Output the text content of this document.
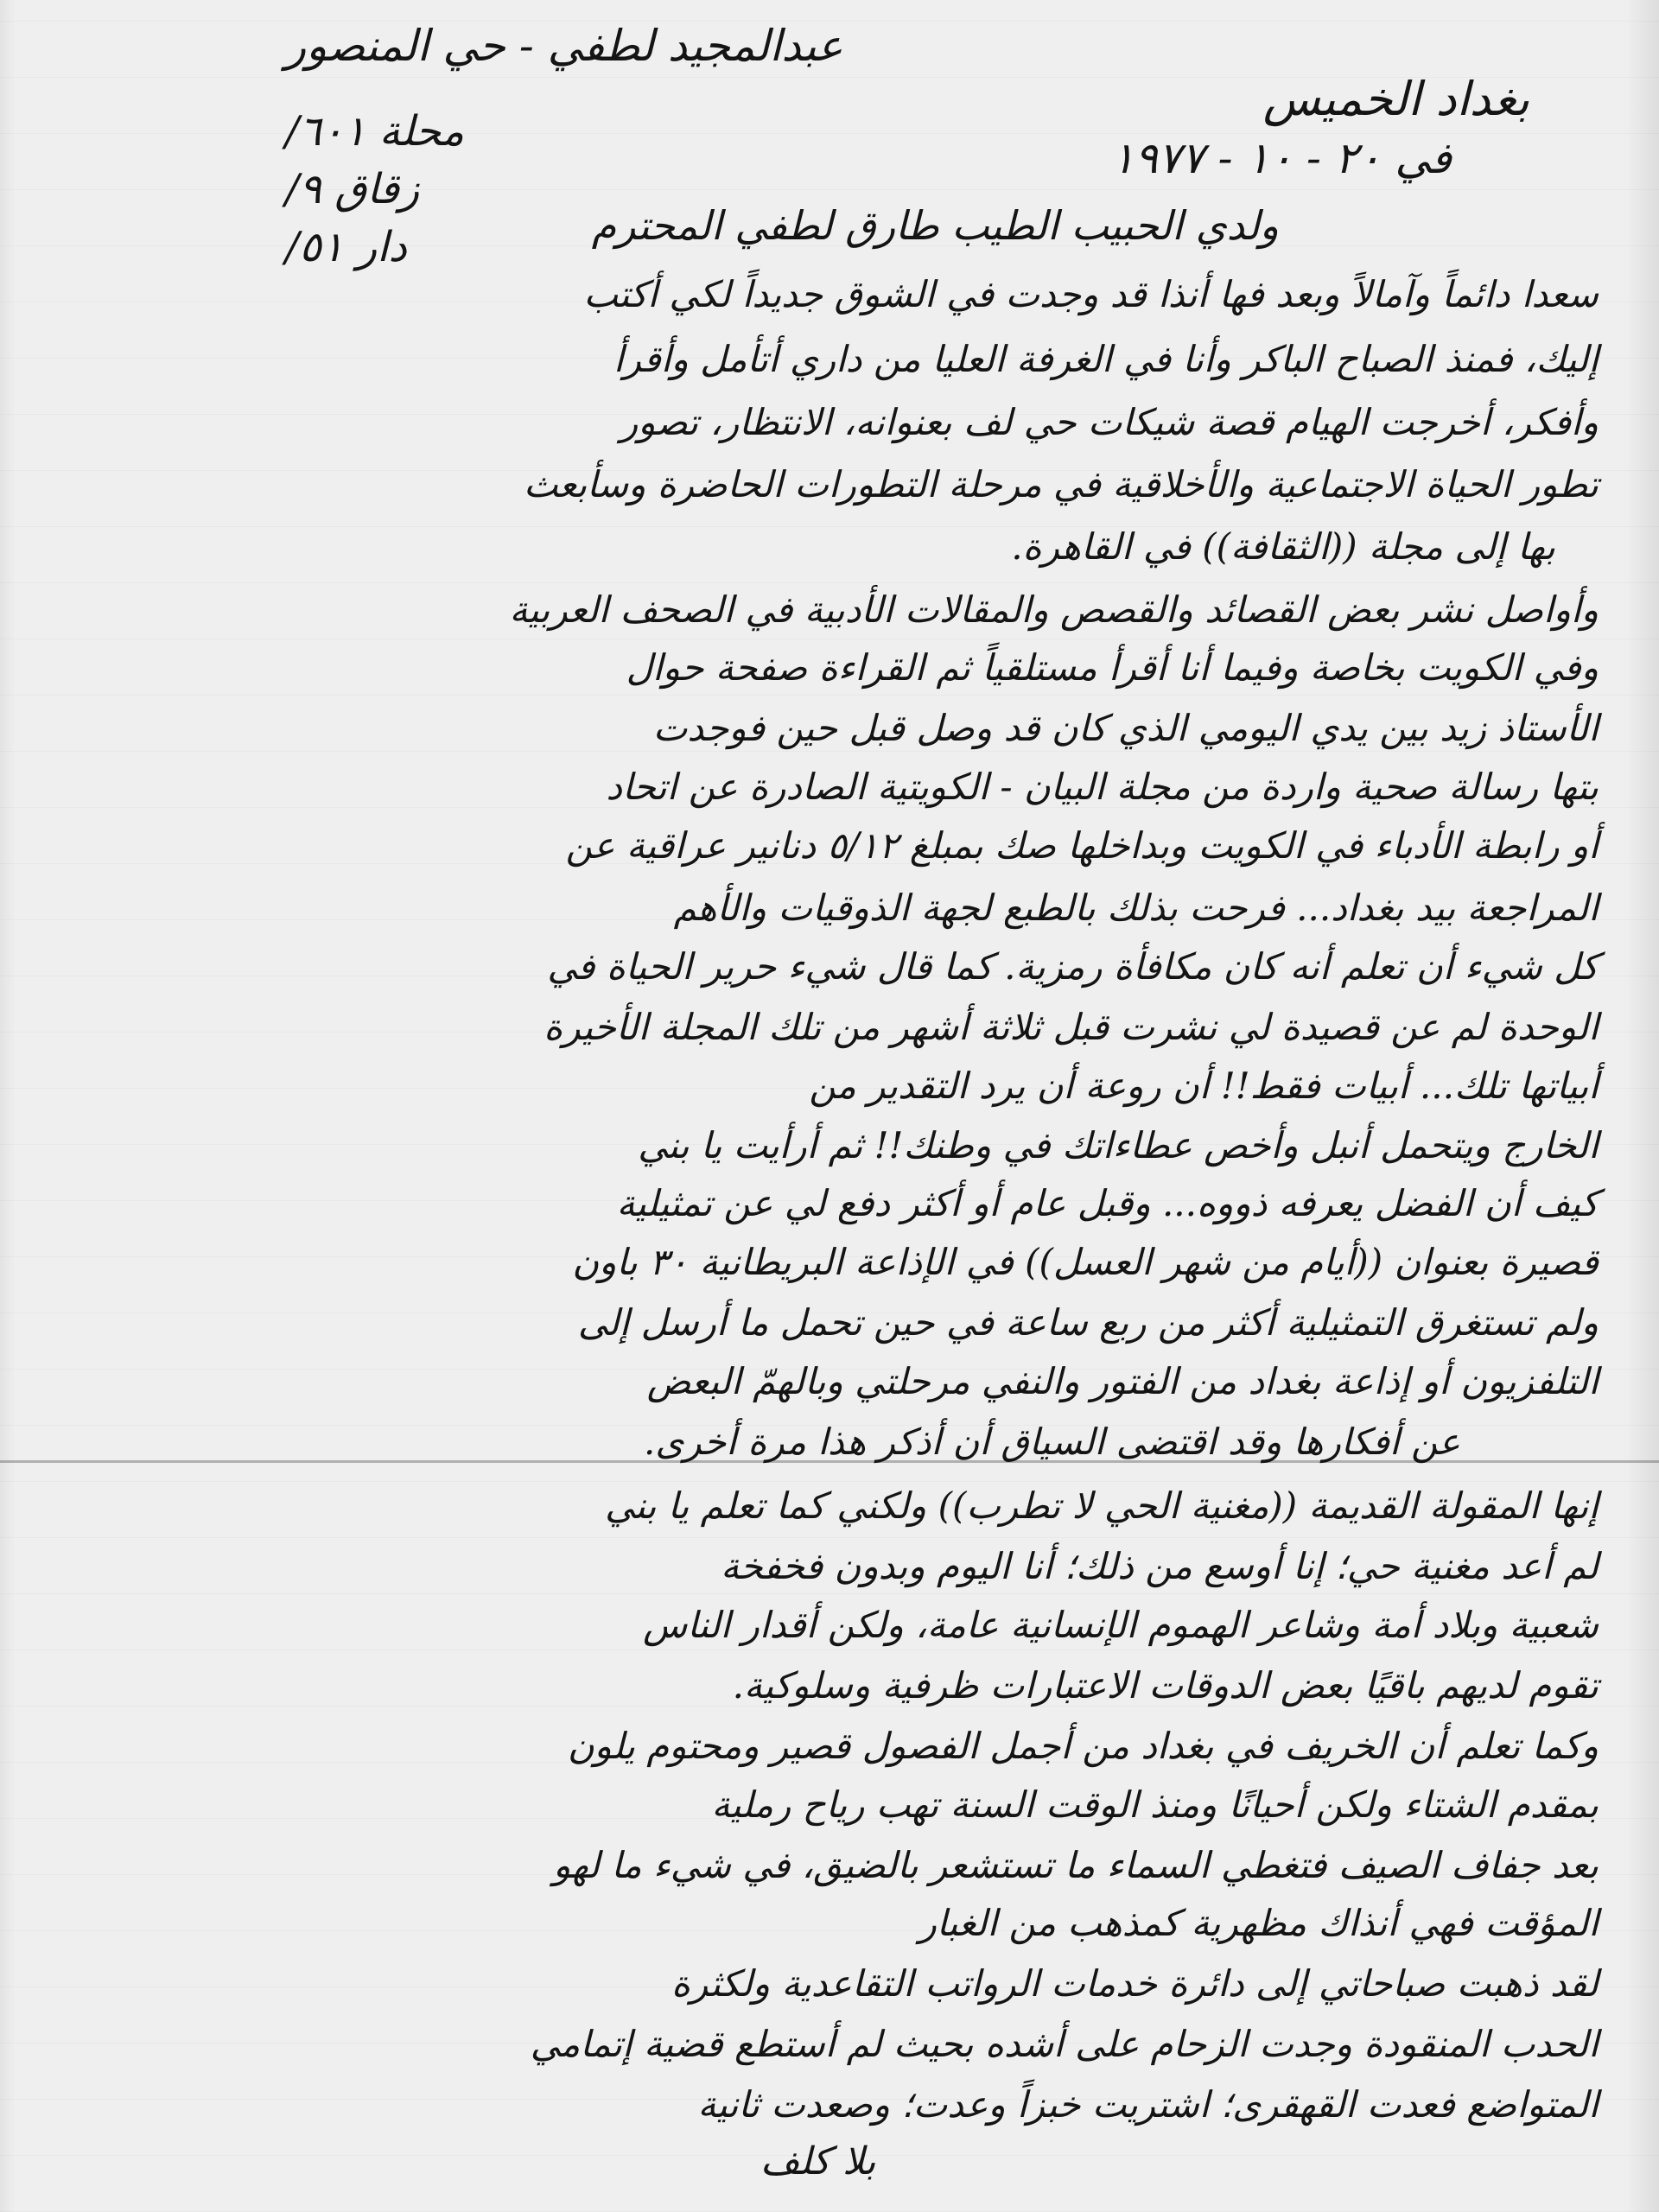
عبدالمجيد لطفي - حي المنصور
محلة ٦٠١/
زقاق ٩/
دار ٥١/
بغداد الخميس
في ٢٠ - ١٠ - ١٩٧٧
ولدي الحبيب الطيب طارق لطفي المحترم
سعدا دائماً وآمالاً وبعد فها أنذا قد وجدت في الشوق جديداً لكي أكتب
إليك، فمنذ الصباح الباكر وأنا في الغرفة العليا من داري أتأمل وأقرأ
وأفكر، أخرجت الهيام قصة شيكات حي لف بعنوانه، الانتظار، تصور
تطور الحياة الاجتماعية والأخلاقية في مرحلة التطورات الحاضرة وسأبعث
بها إلى مجلة ((الثقافة)) في القاهرة.
وأواصل نشر بعض القصائد والقصص والمقالات الأدبية في الصحف العربية
وفي الكويت بخاصة وفيما أنا أقرأ مستلقياً ثم القراءة صفحة حوال
الأستاذ زيد بين يدي اليومي الذي كان قد وصل قبل حين فوجدت
بتها رسالة صحية واردة من مجلة البيان - الكويتية الصادرة عن اتحاد
أو رابطة الأدباء في الكويت وبداخلها صك بمبلغ ٥/١٢ دنانير عراقية عن
المراجعة بيد بغداد... فرحت بذلك بالطبع لجهة الذوقيات والأهم
كل شيء أن تعلم أنه كان مكافأة رمزية. كما قال شيء حرير الحياة في
الوحدة لم عن قصيدة لي نشرت قبل ثلاثة أشهر من تلك المجلة الأخيرة
أبياتها تلك... أبيات فقط!! أن روعة أن يرد التقدير من
الخارج ويتحمل أنبل وأخص عطاءاتك في وطنك!! ثم أرأيت يا بني
كيف أن الفضل يعرفه ذووه... وقبل عام أو أكثر دفع لي عن تمثيلية
قصيرة بعنوان ((أيام من شهر العسل)) في الإذاعة البريطانية ٣٠ باون
ولم تستغرق التمثيلية أكثر من ربع ساعة في حين تحمل ما أرسل إلى
التلفزيون أو إذاعة بغداد من الفتور والنفي مرحلتي وبالهمّ البعض
عن أفكارها وقد اقتضى السياق أن أذكر هذا مرة أخرى.
إنها المقولة القديمة ((مغنية الحي لا تطرب)) ولكني كما تعلم يا بني
لم أعد مغنية حي؛ إنا أوسع من ذلك؛ أنا اليوم وبدون فخفخة
شعبية وبلاد أمة وشاعر الهموم الإنسانية عامة، ولكن أقدار الناس
تقوم لديهم باقيًا بعض الدوقات الاعتبارات ظرفية وسلوكية.
وكما تعلم أن الخريف في بغداد من أجمل الفصول قصير ومحتوم يلون
بمقدم الشتاء ولكن أحيانًا ومنذ الوقت السنة تهب رياح رملية
بعد جفاف الصيف فتغطي السماء ما تستشعر بالضيق، في شيء ما لهو
المؤقت فهي أنذاك مظهرية كمذهب من الغبار
لقد ذهبت صباحاتي إلى دائرة خدمات الرواتب التقاعدية ولكثرة
الحدب المنقودة وجدت الزحام على أشده بحيث لم أستطع قضية إتمامي
المتواضع فعدت القهقرى؛ اشتريت خبزاً وعدت؛ وصعدت ثانية
بلا كلف
